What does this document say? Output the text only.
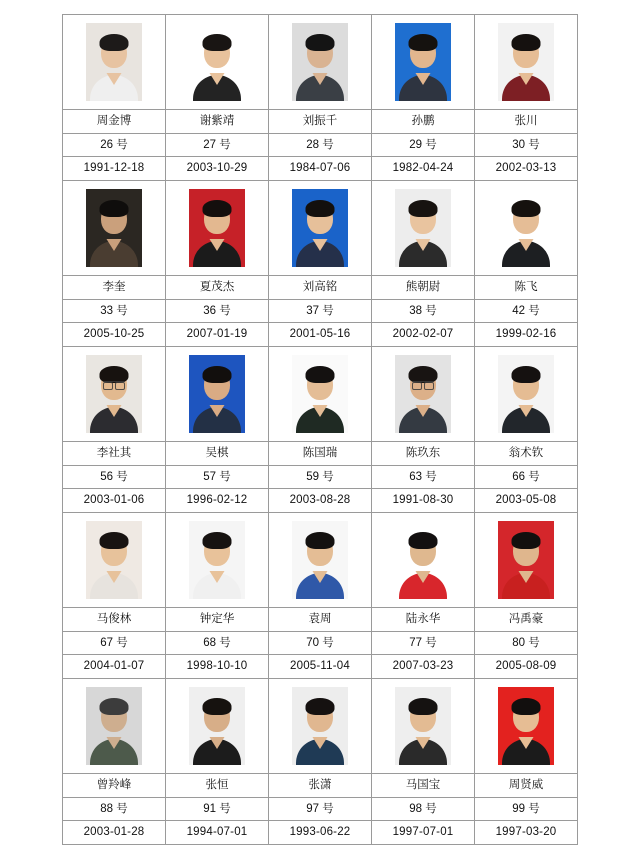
周金博	谢紫靖	刘振千	孙鹏	张川
26 号	27 号	28 号	29 号	30 号
1991-12-18	2003-10-29	1984-07-06	1982-04-24	2002-03-13

李奎	夏茂杰	刘高铭	熊朝尉	陈飞
33 号	36 号	37 号	38 号	42 号
2005-10-25	2007-01-19	2001-05-16	2002-02-07	1999-02-16

李社其	吴棋	陈国瑞	陈玖东	翁术钦
56 号	57 号	59 号	63 号	66 号
2003-01-06	1996-02-12	2003-08-28	1991-08-30	2003-05-08

马俊林	钟定华	袁周	陆永华	冯禹豪
67 号	68 号	70 号	77 号	80 号
2004-01-07	1998-10-10	2005-11-04	2007-03-23	2005-08-09

曾羚峰	张恒	张潇	马国宝	周贤威
88 号	91 号	97 号	98 号	99 号
2003-01-28	1994-07-01	1993-06-22	1997-07-01	1997-03-20
